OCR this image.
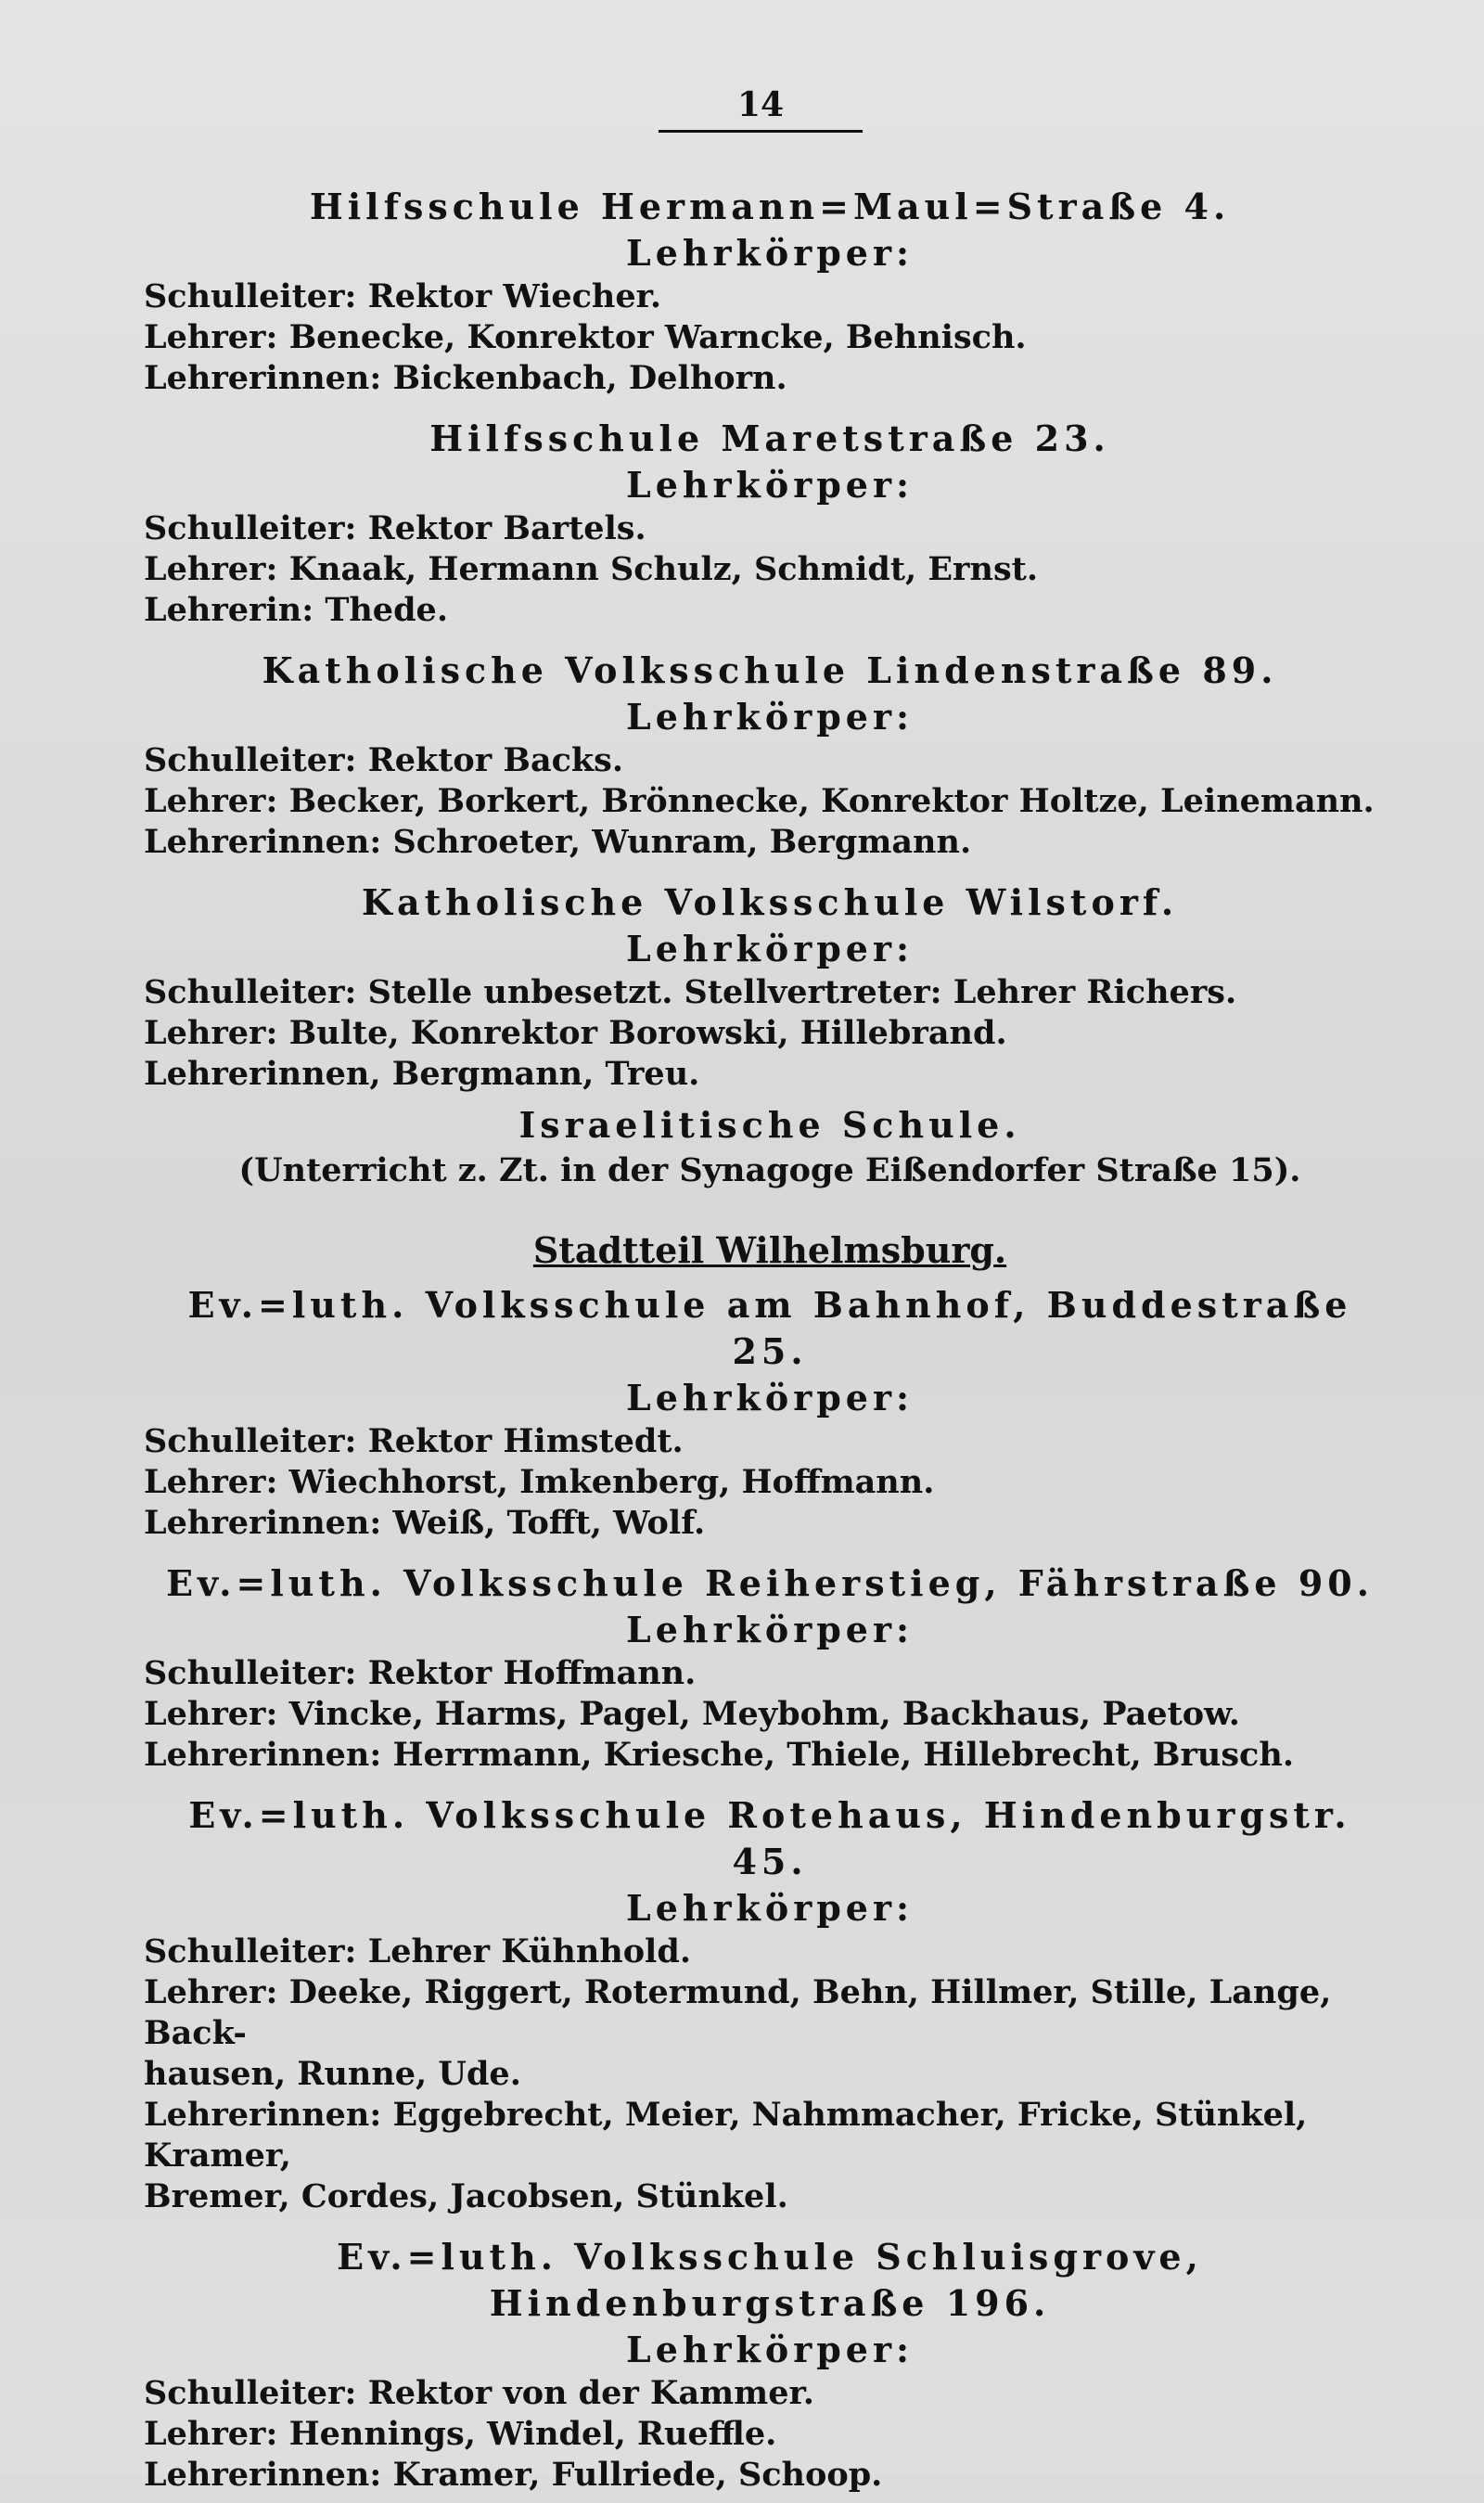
14
Hilfsschule Hermann=Maul=Straße 4.
Lehrkörper:
Schulleiter: Rektor Wiecher.
Lehrer: Benecke, Konrektor Warncke, Behnisch.
Lehrerinnen: Bickenbach, Delhorn.
Hilfsschule Maretstraße 23.
Lehrkörper:
Schulleiter: Rektor Bartels.
Lehrer: Knaak, Hermann Schulz, Schmidt, Ernst.
Lehrerin: Thede.
Katholische Volksschule Lindenstraße 89.
Lehrkörper:
Schulleiter: Rektor Backs.
Lehrer: Becker, Borkert, Brönnecke, Konrektor Holtze, Leinemann.
Lehrerinnen: Schroeter, Wunram, Bergmann.
Katholische Volksschule Wilstorf.
Lehrkörper:
Schulleiter: Stelle unbesetzt. Stellvertreter: Lehrer Richers.
Lehrer: Bulte, Konrektor Borowski, Hillebrand.
Lehrerinnen, Bergmann, Treu.
Israelitische Schule.
(Unterricht z. Zt. in der Synagoge Eißendorfer Straße 15).
Stadtteil Wilhelmsburg.
Ev.=luth. Volksschule am Bahnhof, Buddestraße 25.
Lehrkörper:
Schulleiter: Rektor Himstedt.
Lehrer: Wiechhorst, Imkenberg, Hoffmann.
Lehrerinnen: Weiß, Tofft, Wolf.
Ev.=luth. Volksschule Reiherstieg, Fährstraße 90.
Lehrkörper:
Schulleiter: Rektor Hoffmann.
Lehrer: Vincke, Harms, Pagel, Meybohm, Backhaus, Paetow.
Lehrerinnen: Herrmann, Kriesche, Thiele, Hillebrecht, Brusch.
Ev.=luth. Volksschule Rotehaus, Hindenburgstr. 45.
Lehrkörper:
Schulleiter: Lehrer Kühnhold.
Lehrer: Deeke, Riggert, Rotermund, Behn, Hillmer, Stille, Lange, Back-
hausen, Runne, Ude.
Lehrerinnen: Eggebrecht, Meier, Nahmmacher, Fricke, Stünkel, Kramer,
Bremer, Cordes, Jacobsen, Stünkel.
Ev.=luth. Volksschule Schluisgrove,
Hindenburgstraße 196.
Lehrkörper:
Schulleiter: Rektor von der Kammer.
Lehrer: Hennings, Windel, Rueffle.
Lehrerinnen: Kramer, Fullriede, Schoop.
